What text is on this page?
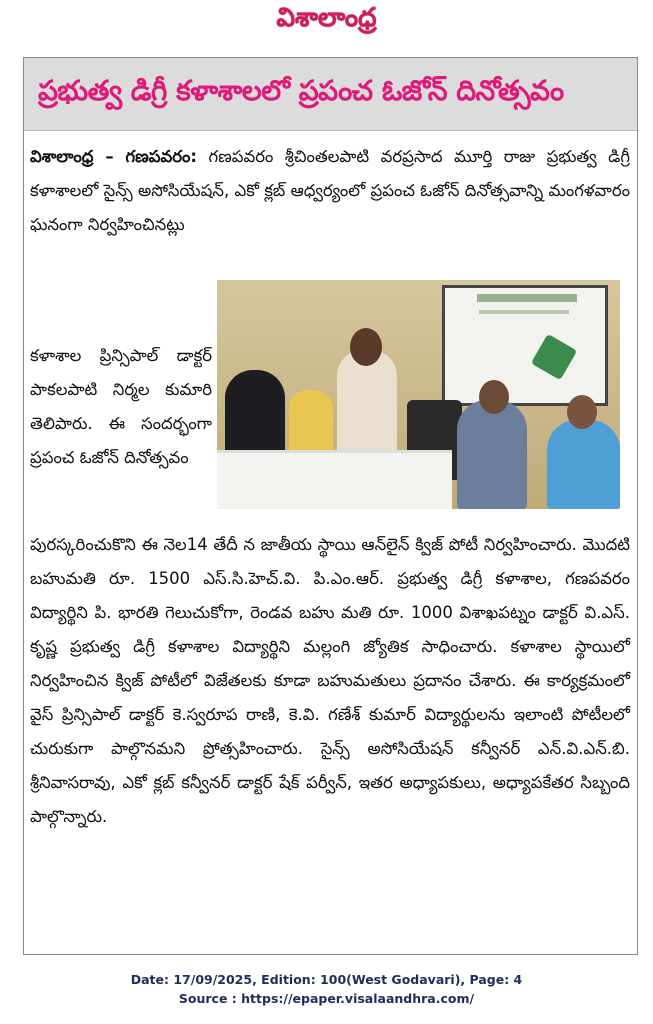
విశాలాంధ్ర
ప్రభుత్వ డిగ్రీ కళాశాలలో ప్రపంచ ఓజోన్ దినోత్సవం
విశాలాంధ్ర – గణపవరం: గణపవరం శ్రీచింతలపాటి వరప్రసాద మూర్తి రాజు ప్రభుత్వ డిగ్రీ కళాశాలలో సైన్స్ అసోసియేషన్, ఎకో క్లబ్ ఆధ్వర్యంలో ప్రపంచ ఓజోన్ దినోత్సవాన్ని మంగళవారం ఘనంగా నిర్వహించినట్లు
కళాశాల ప్రిన్సిపాల్ డాక్టర్ పాకలపాటి నిర్మల కుమారి తెలిపారు. ఈ సందర్భంగా ప్రపంచ ఓజోన్ దినోత్సవం
పురస్కరించుకొని ఈ నెల14 తేదీ న జాతీయ స్థాయి ఆన్‌లైన్ క్విజ్ పోటీ నిర్వహించారు. మొదటి బహుమతి రూ. 1500 ఎస్.సి.హెచ్.వి. పి.ఎం.ఆర్. ప్రభుత్వ డిగ్రీ కళాశాల, గణపవరం విద్యార్థిని పి. భారతి గెలుచుకోగా, రెండవ బహు మతి రూ. 1000 విశాఖపట్నం డాక్టర్ వి.ఎస్. కృష్ణ ప్రభుత్వ డిగ్రీ కళాశాల విద్యార్థిని మల్లంగి జ్యోతిక సాధించారు. కళాశాల స్థాయిలో నిర్వహించిన క్విజ్ పోటీలో విజేతలకు కూడా బహుమతులు ప్రదానం చేశారు. ఈ కార్యక్రమంలో వైస్ ప్రిన్సిపాల్ డాక్టర్ కె.స్వరూప రాణి, కె.వి. గణేశ్ కుమార్ విద్యార్థులను ఇలాంటి పోటీలలో చురుకుగా పాల్గొనమని ప్రోత్సహించారు. సైన్స్ అసోసియేషన్ కన్వీనర్ ఎన్.వి.ఎన్.బి. శ్రీనివాసరావు, ఎకో క్లబ్ కన్వీనర్ డాక్టర్ షేక్ పర్వీన్, ఇతర అధ్యాపకులు, అధ్యాపకేతర సిబ్బంది పాల్గొన్నారు.
Date: 17/09/2025, Edition: 100(West Godavari), Page: 4
Source : https://epaper.visalaandhra.com/
